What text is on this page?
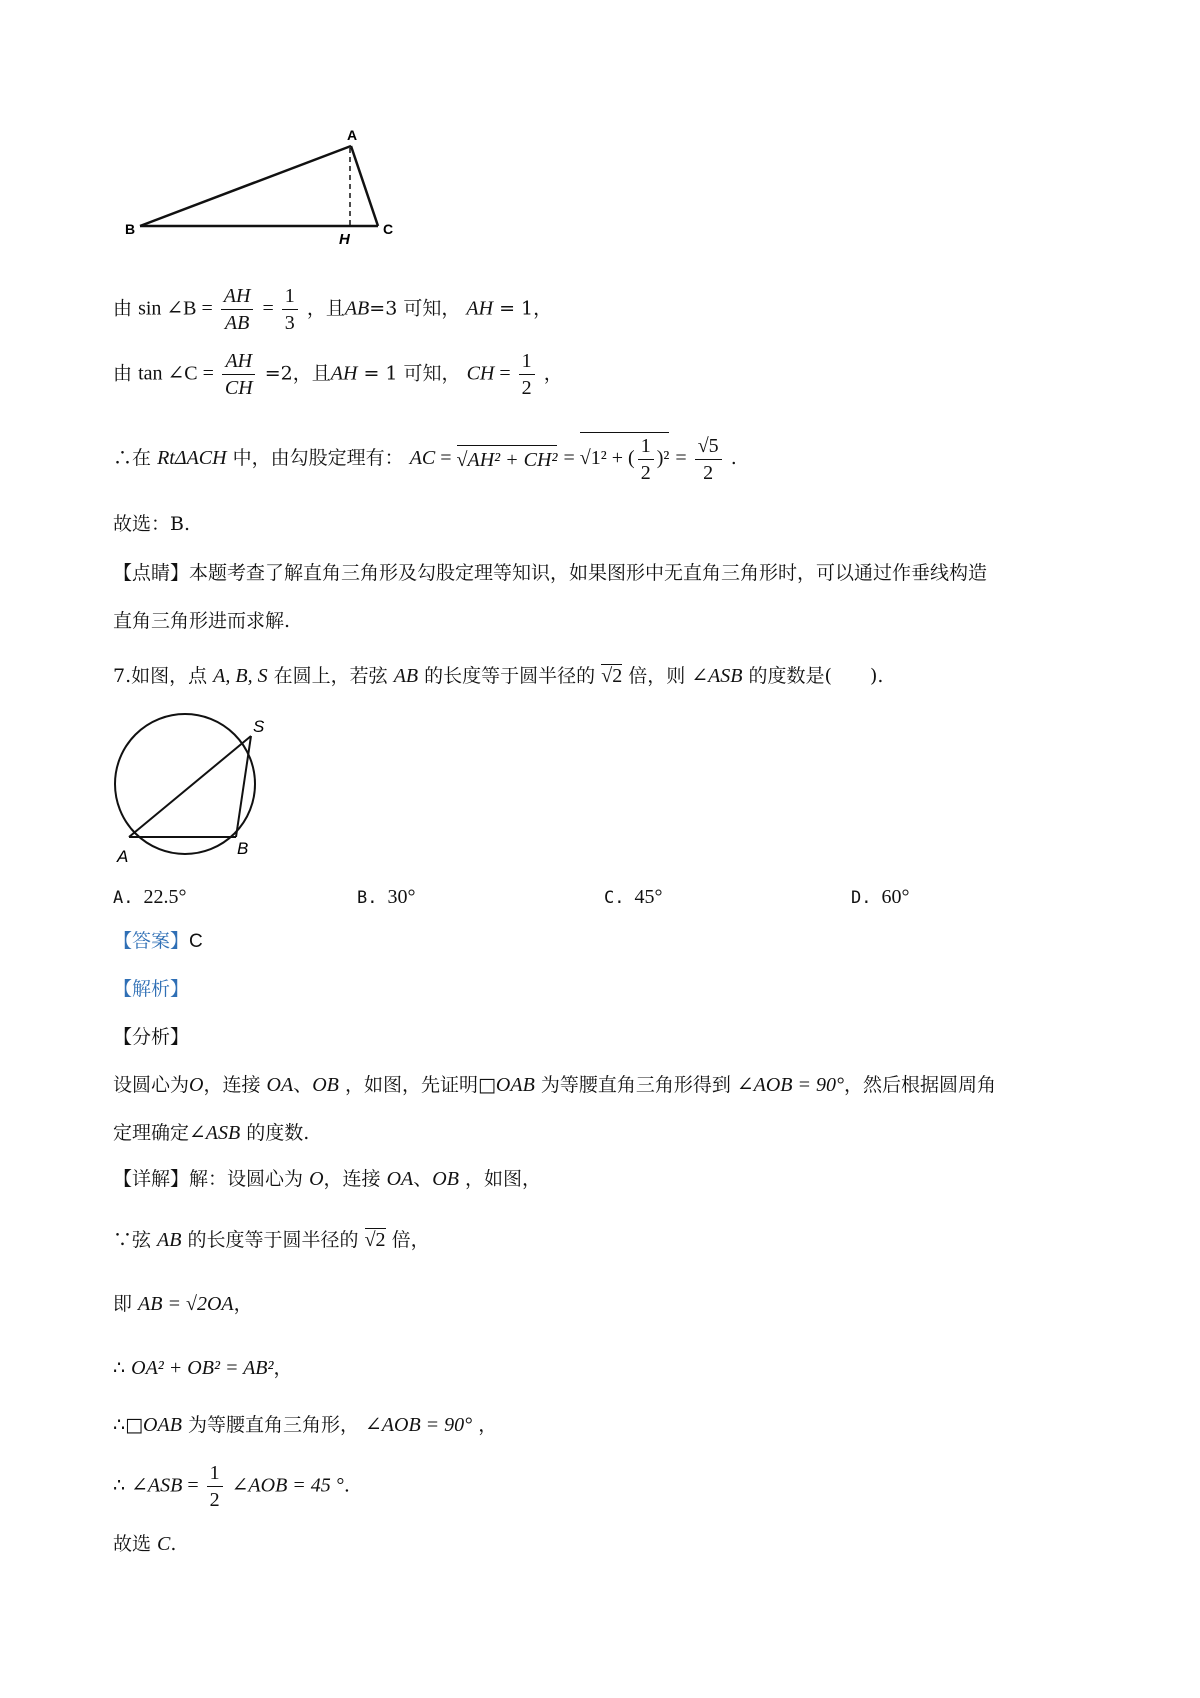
A
B	C
H
由 sin ∠B = $\frac{AH}{AB} = \frac{1}{3}$ ，且AB=3 可知， AH = 1，
由 tan ∠C = $\frac{AH}{CH} =2$，且AH = 1 可知， CH = $\frac{1}{2}$ ，
∴在 RtΔACH 中，由勾股定理有： AC = √AH² + CH² = √1² + ( $\frac{1}{2} )^2 = \frac{√5}{2}$ .
故选：B.
【点睛】本题考查了解直角三角形及勾股定理等知识，如果图形中无直角三角形时，可以通过作垂线构造
直角三角形进而求解.
7.如图，点 A, B, S 在圆上，若弦 AB 的长度等于圆半径的 √2 倍，则 ∠ASB 的度数是(　　).
S
A	B
A. 22.5°	B. 30°	C. 45°	D. 60°
【答案】C
【解析】
【分析】
设圆心为O，连接 OA、OB ，如图，先证明□OAB 为等腰直角三角形得到 ∠AOB = 90°，然后根据圆周角
定理确定∠ASB 的度数.
【详解】解：设圆心为 O，连接 OA、OB ，如图，
∵弦 AB 的长度等于圆半径的 √2 倍，
即 AB = √2OA，
∴ OA² + OB² = AB²，
∴□OAB 为等腰直角三角形， ∠AOB = 90° ，
∴ ∠ASB = $\frac{1}{2}$ ∠AOB = 45 °.
故选 C.
